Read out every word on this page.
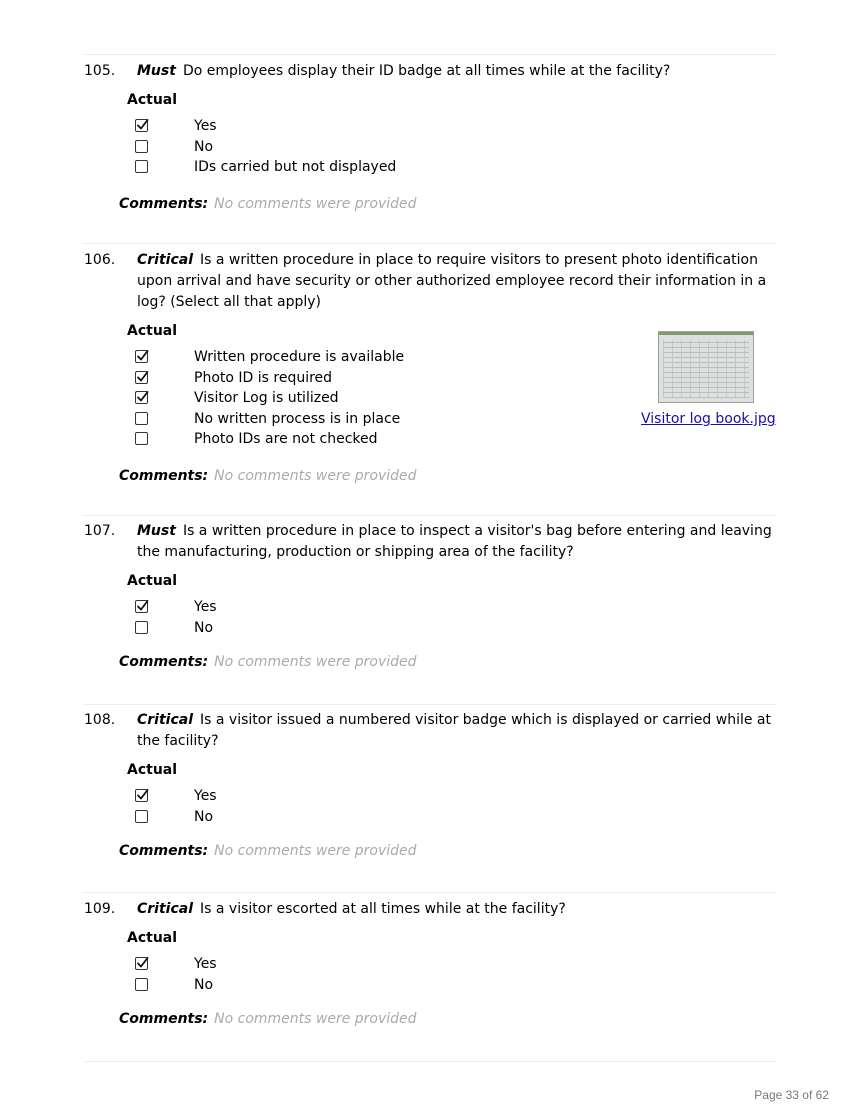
105. Must Do employees display their ID badge at all times while at the facility?
Actual
Yes
No
IDs carried but not displayed
Comments: No comments were provided
106. Critical Is a written procedure in place to require visitors to present photo identification upon arrival and have security or other authorized employee record their information in a log? (Select all that apply)
Actual
Written procedure is available
Photo ID is required
Visitor Log is utilized
No written process is in place
Photo IDs are not checked
Comments: No comments were provided
Visitor log book.jpg
107. Must Is a written procedure in place to inspect a visitor's bag before entering and leaving the manufacturing, production or shipping area of the facility?
Actual
Yes
No
Comments: No comments were provided
108. Critical Is a visitor issued a numbered visitor badge which is displayed or carried while at the facility?
Actual
Yes
No
Comments: No comments were provided
109. Critical Is a visitor escorted at all times while at the facility?
Actual
Yes
No
Comments: No comments were provided
Page 33 of 62
